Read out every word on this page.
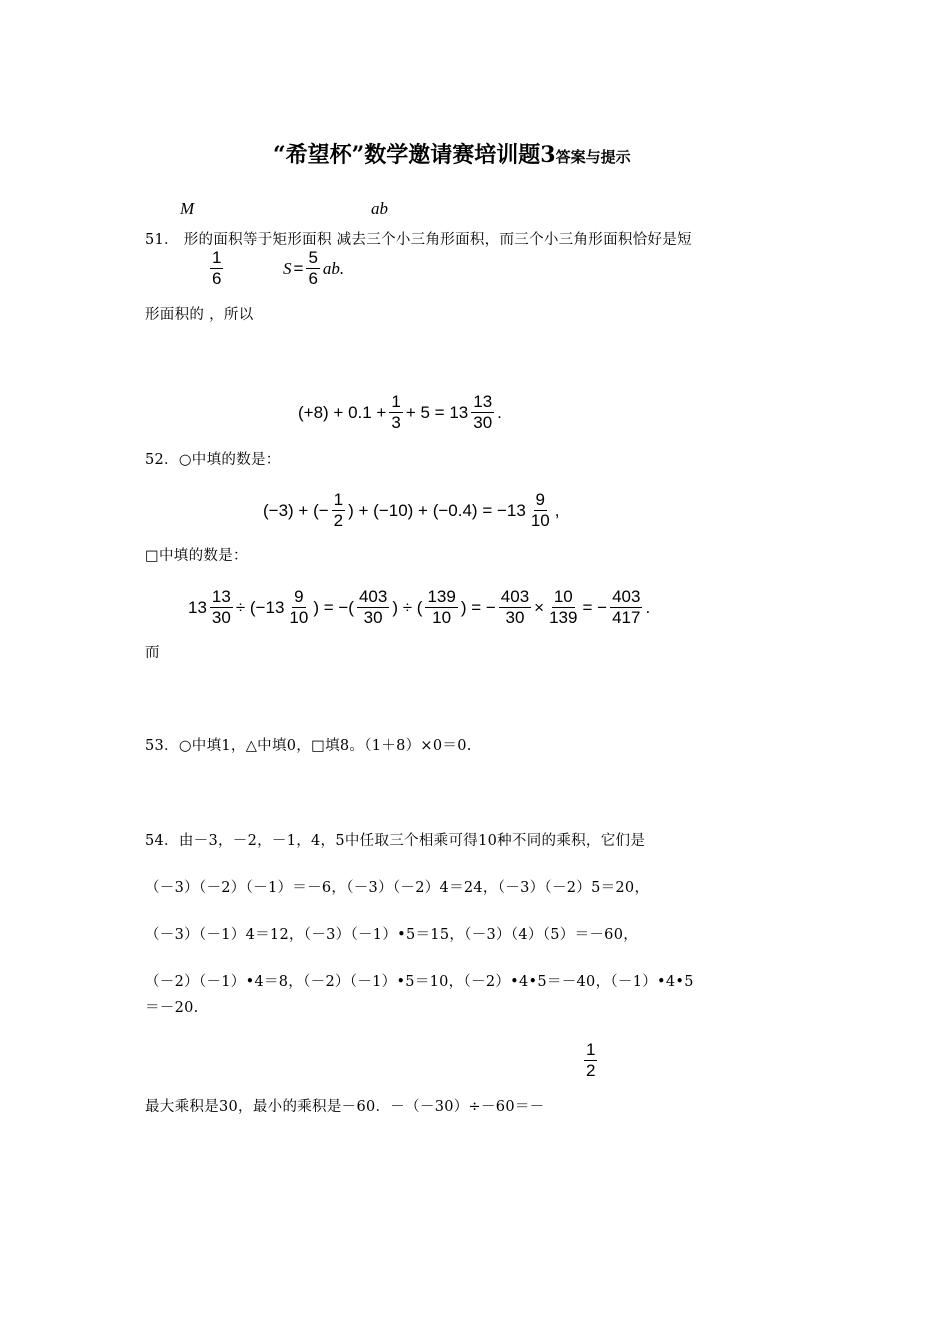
“希望杯”数学邀请赛培训题3答案与提示
M	ab
51． 形的面积等于矩形面积 减去三个小三角形面积，而三个小三角形面积恰好是短
$\frac{1}{6}$	$S = \frac{5}{6}$ ab.
形面积的 ，所以
$(+8) + 0.1 + \frac{1}{3} + 5 = 13 \frac{13}{30}$ .
52．○中填的数是：
(−3) + (− $\frac{1}{2}$ ) + $(-10) + (-0.4) = -13 \frac{9}{10}$ ,
□中填的数是：
$13 \frac{13}{30} \div (-13 \frac{9}{10}$ ) = −( $\frac{403}{30}$ ) ÷ ( $\frac{139}{10}$ ) = − $\frac{403}{30} \times \frac{10}{139}$ = − $\frac{403}{417}$ .
而
53．○中填1，△中填0，□填8。（1＋8）×0＝0.
54．由－3，－2，－1，4，5中任取三个相乘可得10种不同的乘积，它们是
（－3）（－2）（－1）＝－6，（－3）（－2）4＝24，（－3）（－2）5＝20，
（－3）（－1）4＝12，（－3）（－1）•5＝15，（－3）（4）（5）＝－60，
（－2）（－1）•4＝8，（－2）（－1）•5＝10，（－2）•4•5＝－40，（－1）•4•5
＝－20.
$\frac{1}{2}$
最大乘积是30，最小的乘积是－60．－（－30）÷－60＝－
